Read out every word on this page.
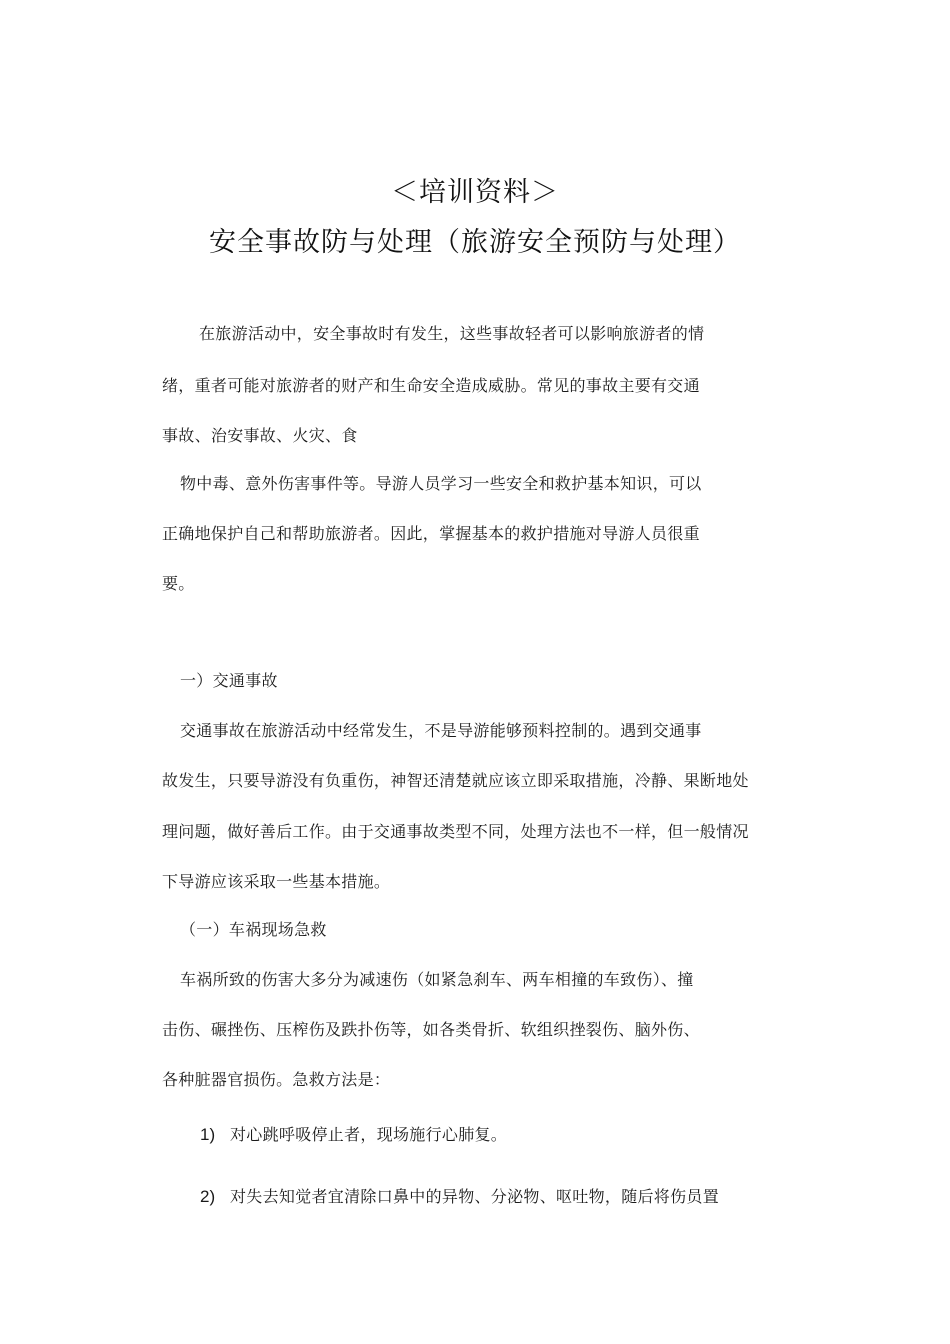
＜培训资料＞
安全事故防与处理（旅游安全预防与处理）
在旅游活动中，安全事故时有发生，这些事故轻者可以影响旅游者的情
绪，重者可能对旅游者的财产和生命安全造成威胁。常见的事故主要有交通
事故、治安事故、火灾、食
物中毒、意外伤害事件等。导游人员学习一些安全和救护基本知识，可以
正确地保护自己和帮助旅游者。因此，掌握基本的救护措施对导游人员很重
要。
一）交通事故
交通事故在旅游活动中经常发生，不是导游能够预料控制的。遇到交通事
故发生，只要导游没有负重伤，神智还清楚就应该立即采取措施，冷静、果断地处
理问题，做好善后工作。由于交通事故类型不同，处理方法也不一样，但一般情况
下导游应该采取一些基本措施。
（一）车祸现场急救
车祸所致的伤害大多分为减速伤（如紧急刹车、两车相撞的车致伤）、撞
击伤、碾挫伤、压榨伤及跌扑伤等，如各类骨折、软组织挫裂伤、脑外伤、
各种脏器官损伤。急救方法是：
1) 对心跳呼吸停止者，现场施行心肺复。
2) 对失去知觉者宜清除口鼻中的异物、分泌物、呕吐物，随后将伤员置
